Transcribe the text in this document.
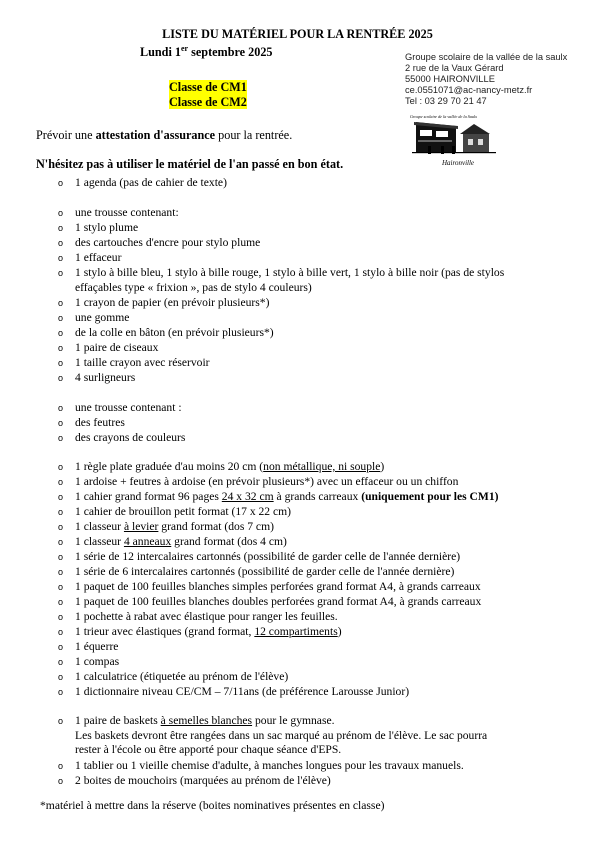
LISTE DU MATÉRIEL POUR LA RENTRÉE 2025
Lundi 1er septembre 2025	Groupe scolaire de la vallée de la saulx
2 rue de la Vaux Gérard
55000 HAIRONVILLE
ce.0551071@ac-nancy-metz.fr
Tel : 03 29 70 21 47
Groupe scolaire de la vallée de la Saulx
Haironville
Classe de CM1
Classe de CM2
Prévoir une attestation d'assurance pour la rentrée.
N'hésitez pas à utiliser le matériel de l'an passé en bon état.
o 1 agenda (pas de cahier de texte)
o une trousse contenant:
o 1 stylo plume
o des cartouches d'encre pour stylo plume
o 1 effaceur
o 1 stylo à bille bleu, 1 stylo à bille rouge, 1 stylo à bille vert, 1 stylo à bille noir (pas de stylos
effaçables type « frixion », pas de stylo 4 couleurs)
o 1 crayon de papier (en prévoir plusieurs*)
o une gomme
o de la colle en bâton (en prévoir plusieurs*)
o 1 paire de ciseaux
o 1 taille crayon avec réservoir
o 4 surligneurs
o une trousse contenant :
o des feutres
o des crayons de couleurs
o 1 règle plate graduée d'au moins 20 cm (non métallique, ni souple)
o 1 ardoise + feutres à ardoise (en prévoir plusieurs*) avec un effaceur ou un chiffon
o 1 cahier grand format 96 pages 24 x 32 cm à grands carreaux (uniquement pour les CM1)
o 1 cahier de brouillon petit format (17 x 22 cm)
o 1 classeur à levier grand format (dos 7 cm)
o 1 classeur 4 anneaux grand format (dos 4 cm)
o 1 série de 12 intercalaires cartonnés (possibilité de garder celle de l'année dernière)
o 1 série de 6 intercalaires cartonnés (possibilité de garder celle de l'année dernière)
o 1 paquet de 100 feuilles blanches simples perforées grand format A4, à grands carreaux
o 1 paquet de 100 feuilles blanches doubles perforées grand format A4, à grands carreaux
o 1 pochette à rabat avec élastique pour ranger les feuilles.
o 1 trieur avec élastiques (grand format, 12 compartiments)
o 1 équerre
o 1 compas
o 1 calculatrice (étiquetée au prénom de l'élève)
o 1 dictionnaire niveau CE/CM – 7/11ans (de préférence Larousse Junior)
o 1 paire de baskets à semelles blanches pour le gymnase.
Les baskets devront être rangées dans un sac marqué au prénom de l'élève. Le sac pourra
rester à l'école ou être apporté pour chaque séance d'EPS.
o 1 tablier ou 1 vieille chemise d'adulte, à manches longues pour les travaux manuels.
o 2 boites de mouchoirs (marquées au prénom de l'élève)
*matériel à mettre dans la réserve (boites nominatives présentes en classe)
